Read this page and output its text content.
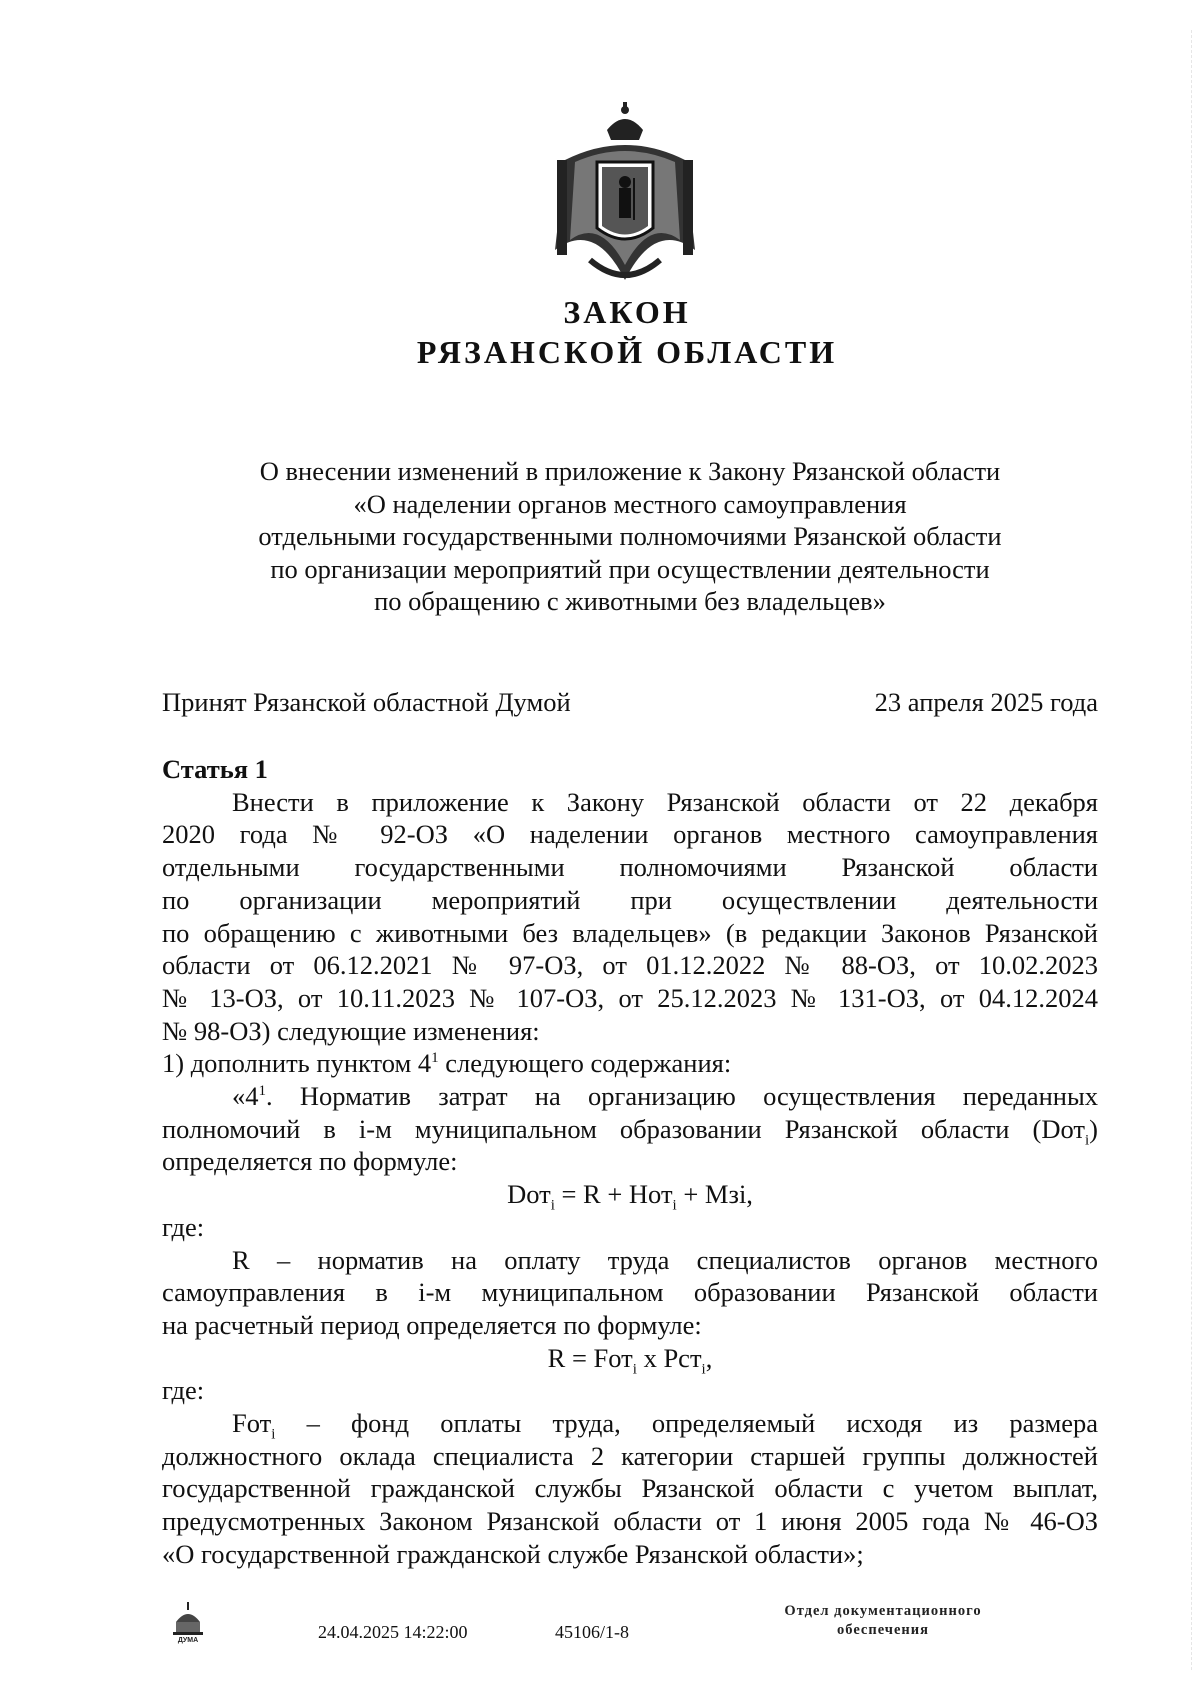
ЗАКОН
РЯЗАНСКОЙ ОБЛАСТИ
О внесении изменений в приложение к Закону Рязанской области
«О наделении органов местного самоуправления
отдельными государственными полномочиями Рязанской области
по организации мероприятий при осуществлении деятельности
по обращению с животными без владельцев»
Принят Рязанской областной Думой	23 апреля 2025 года

Статья 1

Внести в приложение к Закону Рязанской области от 22 декабря

2020 года № 92-ОЗ «О наделении органов местного самоуправления

отдельными государственными полномочиями Рязанской области

по организации мероприятий при осуществлении деятельности

по обращению с животными без владельцев» (в редакции Законов Рязанской

области от 06.12.2021 № 97-ОЗ, от 01.12.2022 № 88-ОЗ, от 10.02.2023

№ 13-ОЗ, от 10.11.2023 № 107-ОЗ, от 25.12.2023 № 131-ОЗ, от 04.12.2024

№ 98-ОЗ) следующие изменения:

1) дополнить пунктом $4^1$ следующего содержания:

«$4^1$. Норматив затрат на организацию осуществления переданных

полномочий в i-м муниципальном образовании Рязанской области (Dот$_i$)

определяется по формуле:

Dот$_i$ = R + Нот$_i$ + Мзi,

где:

R – норматив на оплату труда специалистов органов местного

самоуправления в i-м муниципальном образовании Рязанской области

на расчетный период определяется по формуле:

R = Fот$_i$ х Рст$_i$,

где:

Fот$_i$ – фонд оплаты труда, определяемый исходя из размера

должностного оклада специалиста 2 категории старшей группы должностей

государственной гражданской службы Рязанской области с учетом выплат,

предусмотренных Законом Рязанской области от 1 июня 2005 года № 46-ОЗ

«О государственной гражданской службе Рязанской области»;

ДУМА	24.04.2025 14:22:00	45106/1-8
Отдел документационного
обеспечения
